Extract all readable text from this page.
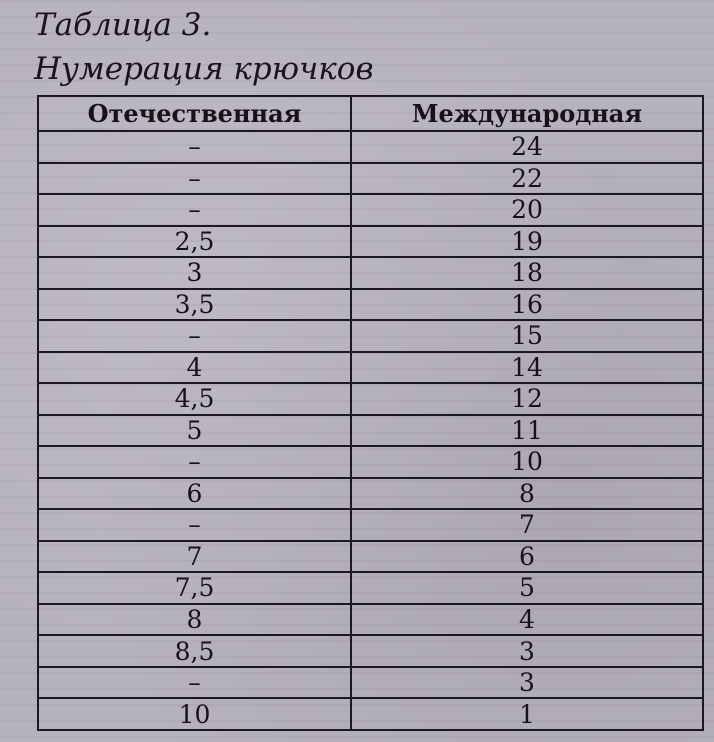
Таблица 3.
Нумерация крючков
Отечественная	Международная
–	24
–	22
–	20
2,5	19
3	18
3,5	16
–	15
4	14
4,5	12
5	11
–	10
6	8
–	7
7	6
7,5	5
8	4
8,5	3
–	3
10	1
